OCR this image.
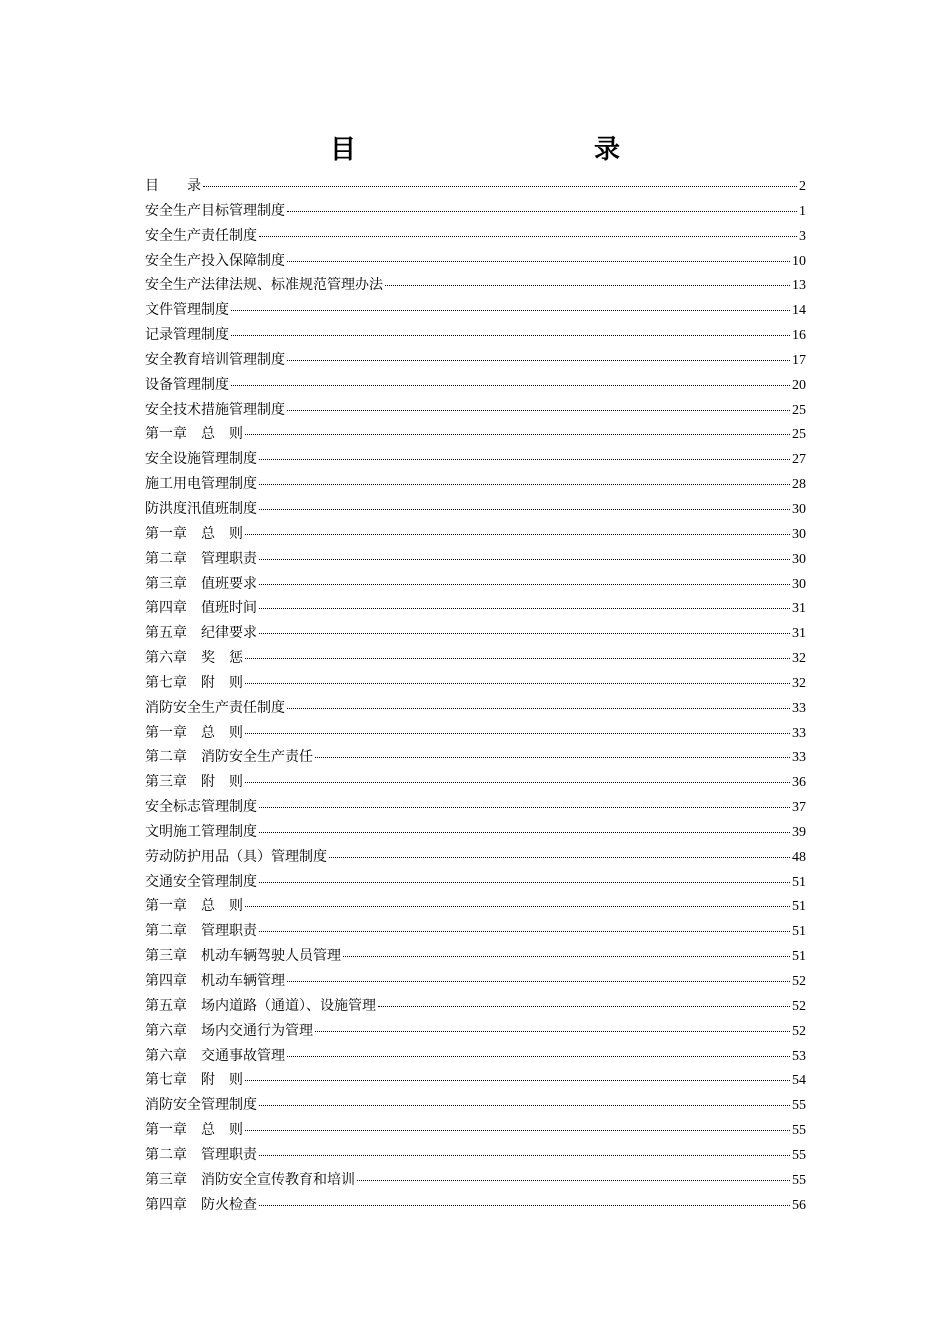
目　　录
目　　录	2
安全生产目标管理制度	1
安全生产责任制度	3
安全生产投入保障制度	10
安全生产法律法规、标准规范管理办法	13
文件管理制度	14
记录管理制度	16
安全教育培训管理制度	17
设备管理制度	20
安全技术措施管理制度	25
第一章　总　则	25
安全设施管理制度	27
施工用电管理制度	28
防洪度汛值班制度	30
第一章　总　则	30
第二章　管理职责	30
第三章　值班要求	30
第四章　值班时间	31
第五章　纪律要求	31
第六章　奖　惩	32
第七章　附　则	32
消防安全生产责任制度	33
第一章　总　则	33
第二章　消防安全生产责任	33
第三章　附　则	36
安全标志管理制度	37
文明施工管理制度	39
劳动防护用品（具）管理制度	48
交通安全管理制度	51
第一章　总　则	51
第二章　管理职责	51
第三章　机动车辆驾驶人员管理	51
第四章　机动车辆管理	52
第五章　场内道路（通道）、设施管理	52
第六章　场内交通行为管理	52
第六章　交通事故管理	53
第七章　附　则	54
消防安全管理制度	55
第一章　总　则	55
第二章　管理职责	55
第三章　消防安全宣传教育和培训	55
第四章　防火检查	56
